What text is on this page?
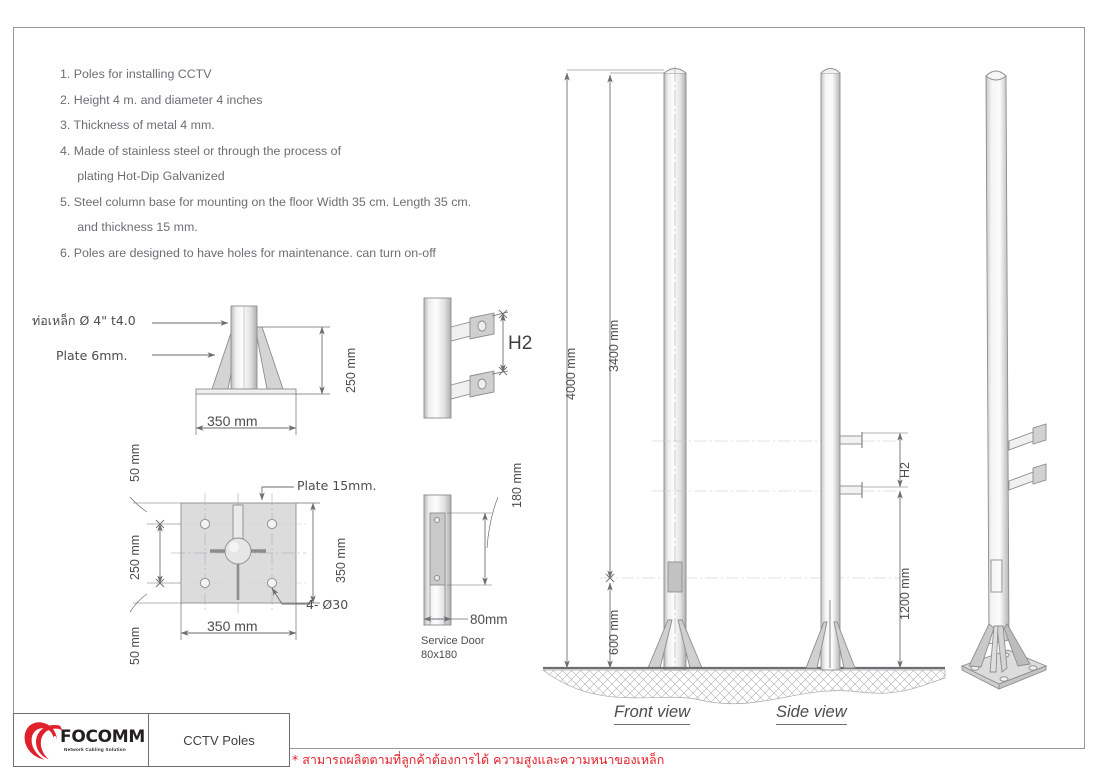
1. Poles for installing CCTV
2. Height 4 m. and diameter 4 inches
3. Thickness of metal 4 mm.
4. Made of stainless steel or through the process of
plating Hot-Dip Galvanized
5. Steel column base for mounting on the floor Width 35 cm. Length 35 cm.
and thickness 15 mm.
6. Poles are designed to have holes for maintenance. can turn on-off
ท่อเหล็ก Ø 4" t4.0
Plate 6mm.	250 mm
350 mm
Plate 15mm.
4- Ø30
350 mm
350 mm
50 mm
250 mm
50 mm
H2
180 mm
80mm
Service Door
80x180
4000 mm
3400 mm
600 mm
Front view
H2
1200 mm
Side view
FOCOMM
Network Cabling Solution
CCTV Poles
* สามารถผลิตตามที่ลูกค้าต้องการได้ ความสูงและความหนาของเหล็ก
